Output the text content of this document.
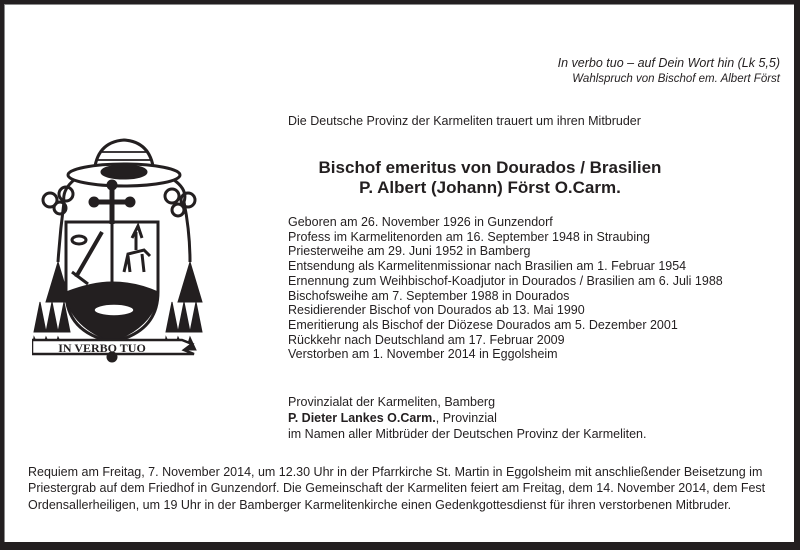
In verbo tuo – auf Dein Wort hin (Lk 5,5)
Wahlspruch von Bischof em. Albert Först
IN VERBO TUO
Die Deutsche Provinz der Karmeliten trauert um ihren Mitbruder
Bischof emeritus von Dourados / Brasilien
P. Albert (Johann) Först O.Carm.
Geboren am 26. November 1926 in Gunzendorf
Profess im Karmelitenorden am 16. September 1948 in Straubing
Priesterweihe am 29. Juni 1952 in Bamberg
Entsendung als Karmelitenmissionar nach Brasilien am 1. Februar 1954
Ernennung zum Weihbischof-Koadjutor in Dourados / Brasilien am 6. Juli 1988
Bischofsweihe am 7. September 1988 in Dourados
Residierender Bischof von Dourados ab 13. Mai 1990
Emeritierung als Bischof der Diözese Dourados am 5. Dezember 2001
Rückkehr nach Deutschland am 17. Februar 2009
Verstorben am 1. November 2014 in Eggolsheim
Provinzialat der Karmeliten, Bamberg
P. Dieter Lankes O.Carm., Provinzial
im Namen aller Mitbrüder der Deutschen Provinz der Karmeliten.
Requiem am Freitag, 7. November 2014, um 12.30 Uhr in der Pfarrkirche St. Martin in Eggolsheim mit anschließender Beisetzung im Priestergrab auf dem Friedhof in Gunzendorf. Die Gemeinschaft der Karmeliten feiert am Freitag, dem 14. November 2014, dem Fest Ordensallerheiligen, um 19 Uhr in der Bamberger Karmelitenkirche einen Gedenkgottesdienst für ihren verstorbenen Mitbruder.
